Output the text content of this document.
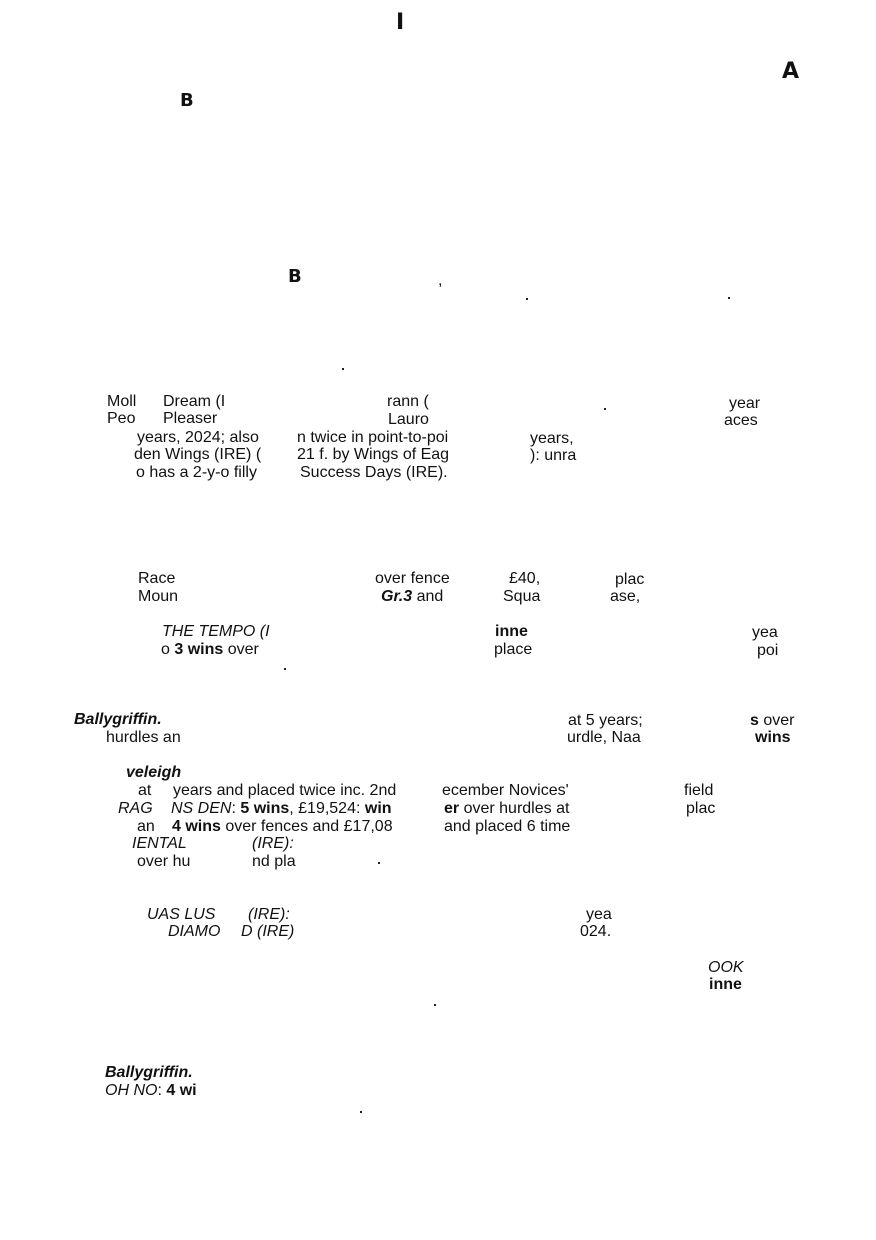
I
A
B
B	,
Moll Dream (I	rann (	year
Peo Pleaser	Lauro	aces
years, 2024; also n twice in point-to-poi	years,
den Wings (IRE) ( 21 f. by Wings of Eag	): unra
o has a 2-y-o filly	Success Days (IRE).
Race	over fence	£40,	plac
Moun	Gr.3 and	Squa	ase,
THE TEMPO (I	inne	yea
o 3 wins over	place	poi
Ballygriffin.	at 5 years;	s over
hurdles an	urdle, Naa	wins
veleigh
at years and placed twice inc. 2nd	ecember Novices'	field
RAG NS DEN: 5 wins, £19,524: win	er over hurdles at	plac
an 4 wins over fences and £17,08	and placed 6 time
IENTAL	(IRE):
over hu	nd pla
UAS LUS (IRE):	yea
DIAMO D (IRE)	024.
OOK
inne
Ballygriffin.
OH NO: 4 wi
